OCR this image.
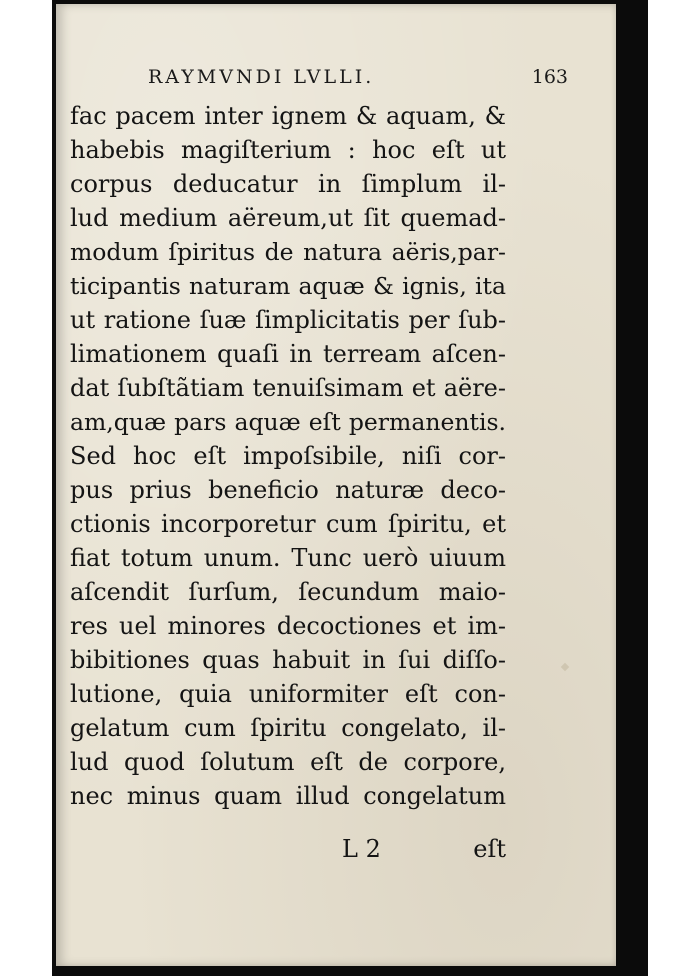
RAYMVNDI LVLLI.	163
fac pacem inter ignem & aquam, &
habebis magiſterium : hoc eſt ut
corpus deducatur in ſimplum il-
lud medium aëreum,ut ſit quemad-
modum ſpiritus de natura aëris,par-
ticipantis naturam aquæ & ignis, ita
ut ratione ſuæ ſimplicitatis per ſub-
limationem quaſi in terream aſcen-
dat ſubſtãtiam tenuiſsimam et aëre-
am,quæ pars aquæ eſt permanentis.
Sed hoc eſt impoſsibile, niſi cor-
pus prius beneficio naturæ deco-
ctionis incorporetur cum ſpiritu, et
fiat totum unum. Tunc uerò uiuum
aſcendit ſurſum, ſecundum maio-
res uel minores decoctiones et im-
bibitiones quas habuit in ſui diſſo-
lutione, quia uniformiter eſt con-
gelatum cum ſpiritu congelato, il-
lud quod ſolutum eſt de corpore,
nec minus quam illud congelatum
L 2	eſt
